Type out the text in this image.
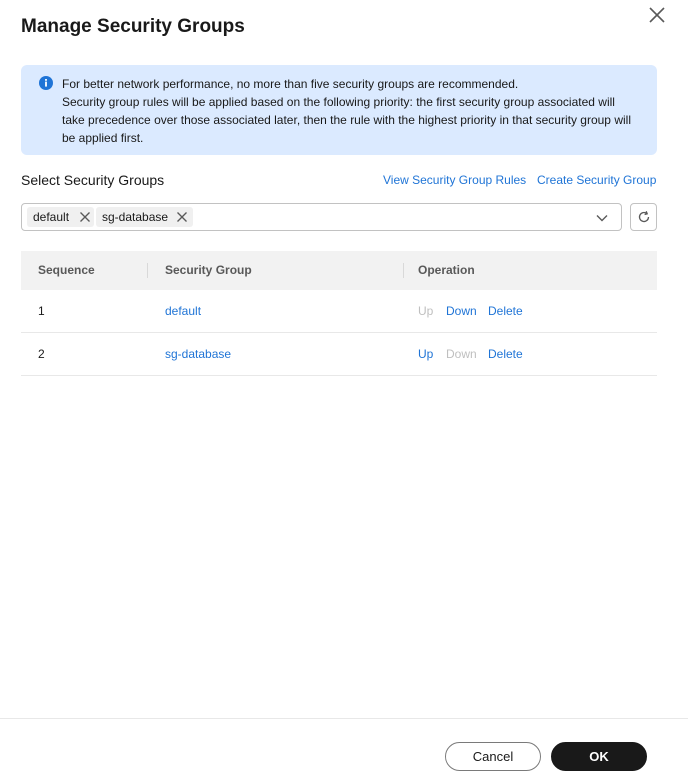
Manage Security Groups
For better network performance, no more than five security groups are recommended.
Security group rules will be applied based on the following priority: the first security group associated will
take precedence over those associated later, then the rule with the highest priority in that security group will
be applied first.
Select Security Groups	View Security Group Rules Create Security Group
default	sg-database
Sequence	Security Group	Operation
1	default	Up Down Delete
2	sg-database	Up Down Delete
Cancel	OK
